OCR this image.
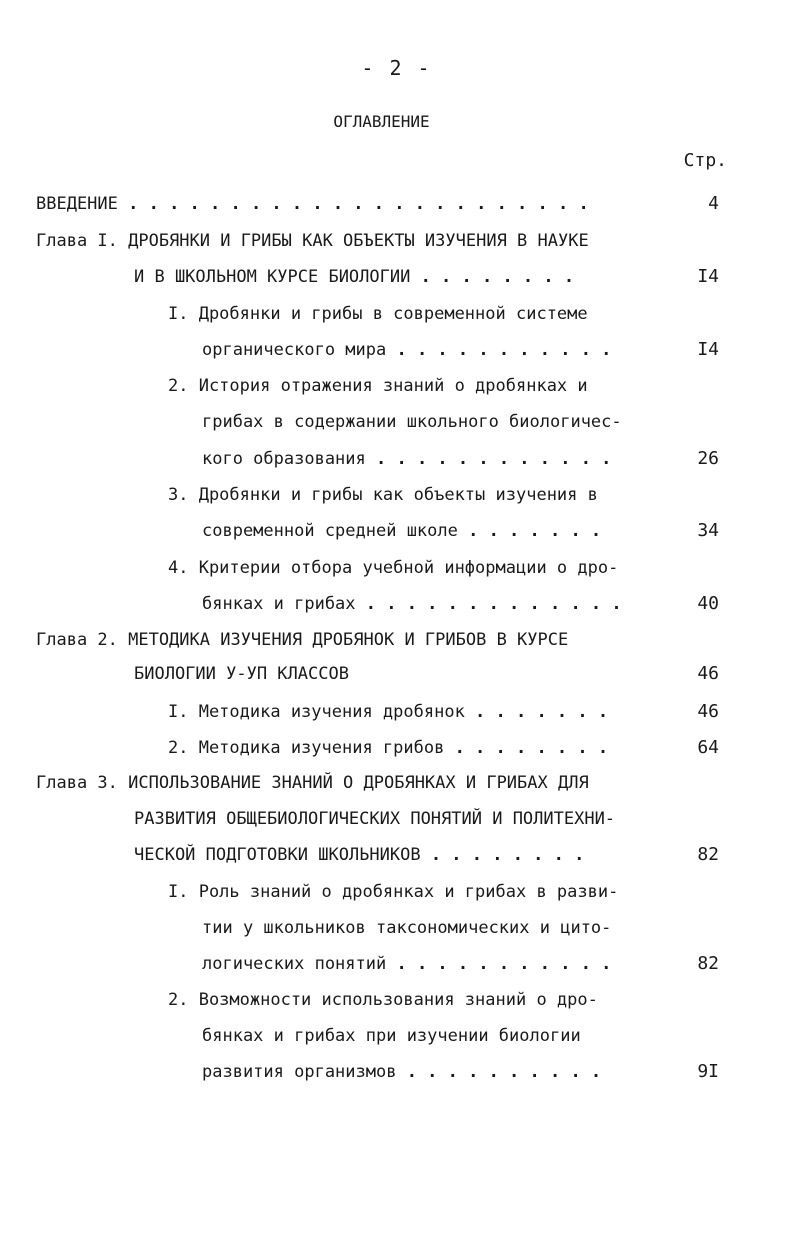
- 2 -
ОГЛАВЛЕНИЕ
Стр.
ВВЕДЕНИЕ . . . . . . . . . . . . . . . . . . . . . . .	4
Глава I. ДРОБЯНКИ И ГРИБЫ КАК ОБЪЕКТЫ ИЗУЧЕНИЯ В НАУКЕ
И В ШКОЛЬНОМ КУРСЕ БИОЛОГИИ . . . . . . . .	I4
I. Дробянки и грибы в современной системе
органического мира . . . . . . . . . . .	I4
2. История отражения знаний о дробянках и
грибах в содержании школьного биологичес-
кого образования . . . . . . . . . . . .	26
3. Дробянки и грибы как объекты изучения в
современной средней школе . . . . . . .	34
4. Критерии отбора учебной информации о дро-
бянках и грибах . . . . . . . . . . . . .	40
Глава 2. МЕТОДИКА ИЗУЧЕНИЯ ДРОБЯНОК И ГРИБОВ В КУРСЕ
БИОЛОГИИ У-УП КЛАССОВ	46
I. Методика изучения дробянок . . . . . . .	46
2. Методика изучения грибов . . . . . . . .	64
Глава 3. ИСПОЛЬЗОВАНИЕ ЗНАНИЙ О ДРОБЯНКАХ И ГРИБАХ ДЛЯ
РАЗВИТИЯ ОБЩЕБИОЛОГИЧЕСКИХ ПОНЯТИЙ И ПОЛИТЕХНИ-
ЧЕСКОЙ ПОДГОТОВКИ ШКОЛЬНИКОВ . . . . . . . .	82
I. Роль знаний о дробянках и грибах в разви-
тии у школьников таксономических и цито-
логических понятий . . . . . . . . . . .	82
2. Возможности использования знаний о дро-
бянках и грибах при изучении биологии
развития организмов . . . . . . . . . .	9I
